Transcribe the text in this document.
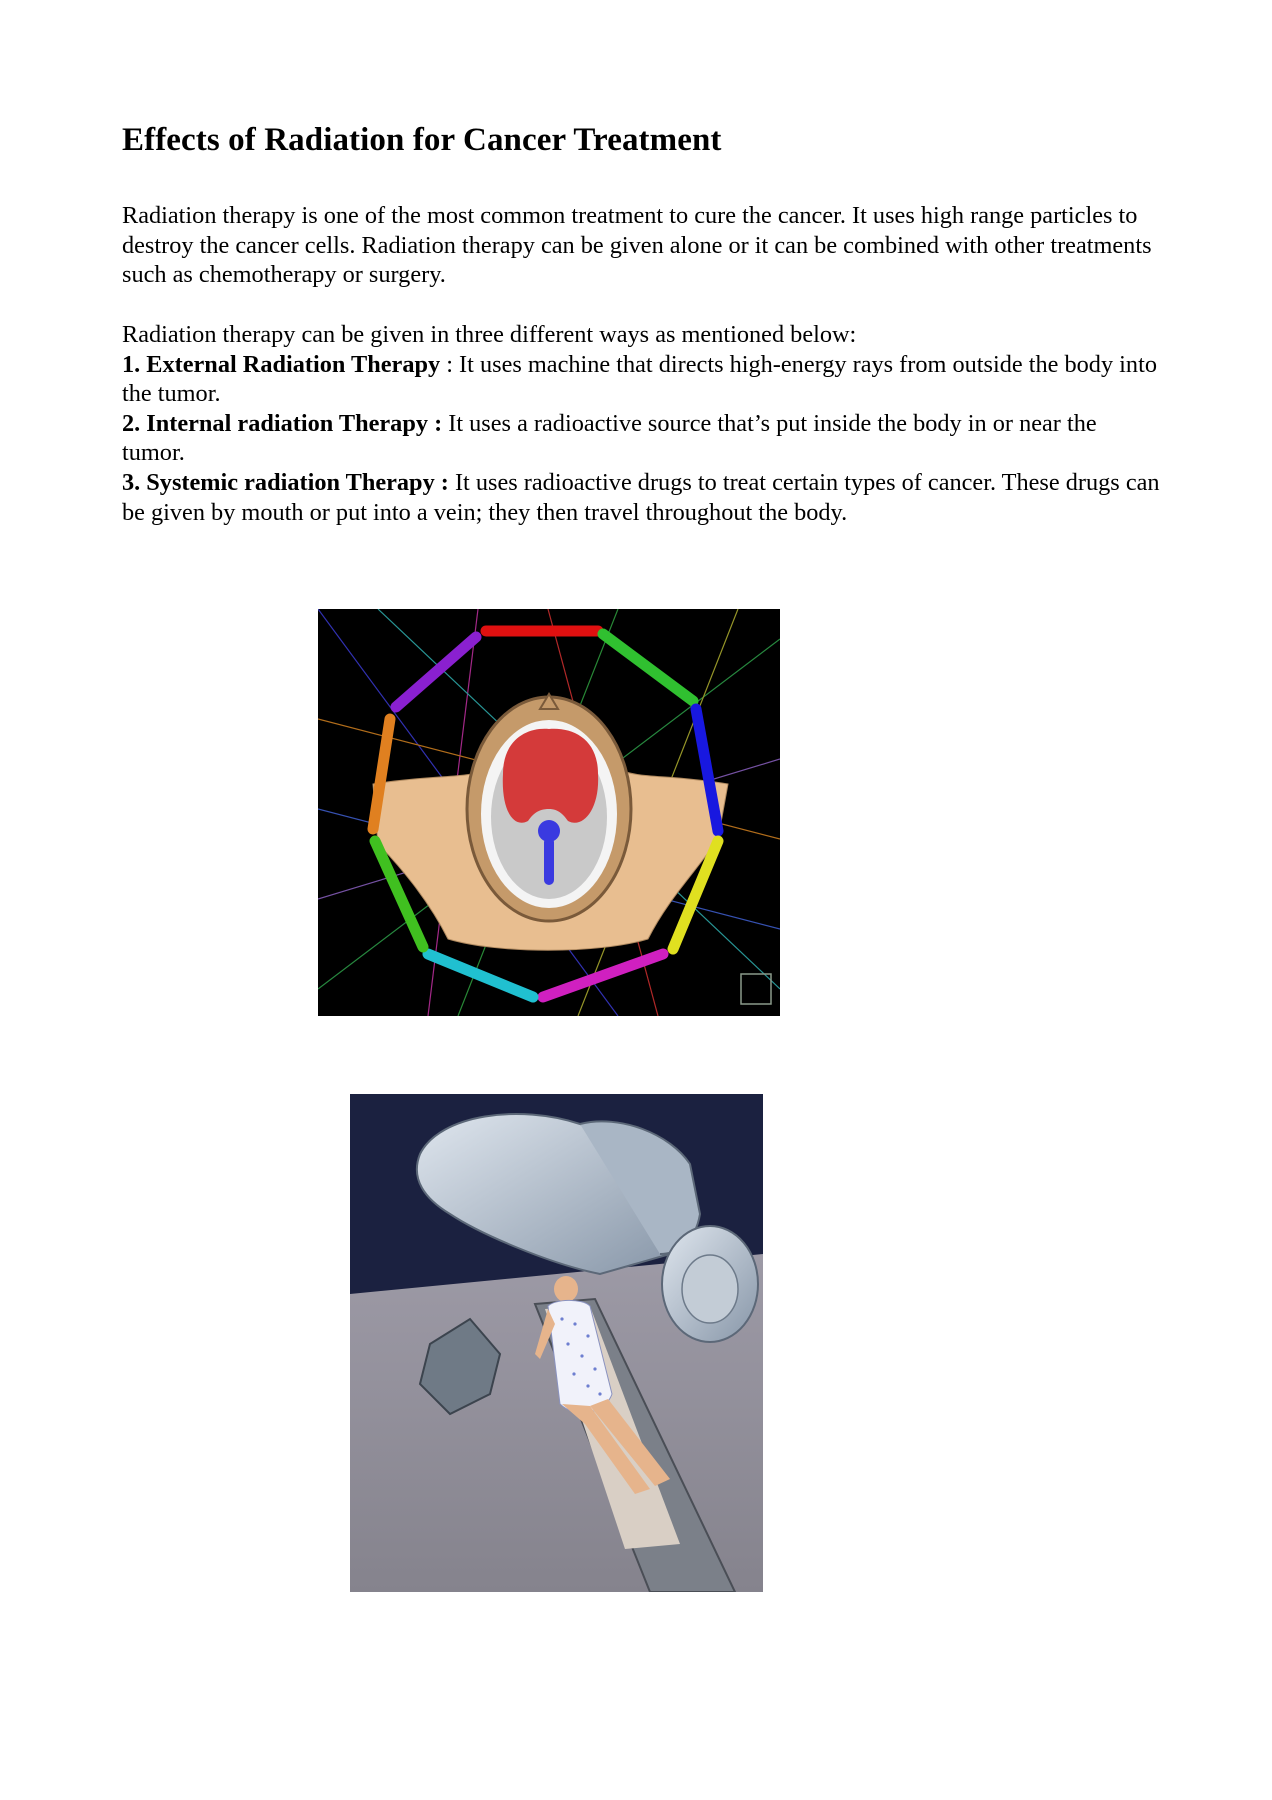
Effects of Radiation for Cancer Treatment

Radiation therapy is one of the most common treatment to cure the cancer. It uses high range particles to destroy the cancer cells. Radiation therapy can be given alone or it can be combined with other treatments such as chemotherapy or surgery.

Radiation therapy can be given in three different ways as mentioned below:
1. External Radiation Therapy : It uses machine that directs high-energy rays from outside the body into the tumor.
2. Internal radiation Therapy : It uses a radioactive source that’s put inside the body in or near the tumor.
3. Systemic radiation Therapy : It uses radioactive drugs to treat certain types of cancer. These drugs can be given by mouth or put into a vein; they then travel throughout the body.
